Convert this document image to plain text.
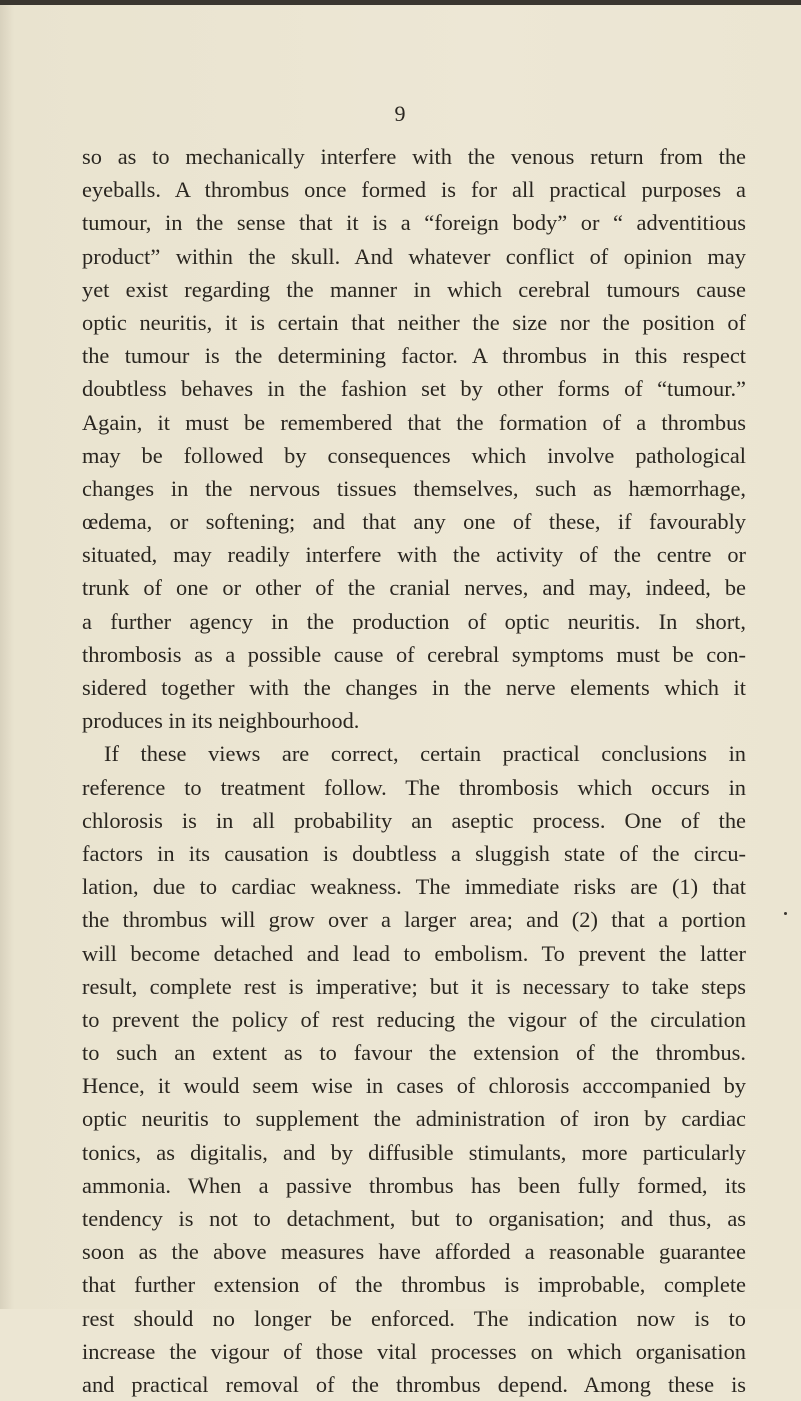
9
so as to mechanically interfere with the venous return from the
eyeballs. A thrombus once formed is for all practical purposes a
tumour, in the sense that it is a “foreign body” or “ adventitious
product” within the skull. And whatever conflict of opinion may
yet exist regarding the manner in which cerebral tumours cause
optic neuritis, it is certain that neither the size nor the position of
the tumour is the determining factor. A thrombus in this respect
doubtless behaves in the fashion set by other forms of “tumour.”
Again, it must be remembered that the formation of a thrombus
may be followed by consequences which involve pathological
changes in the nervous tissues themselves, such as hæmorrhage,
œdema, or softening; and that any one of these, if favourably
situated, may readily interfere with the activity of the centre or
trunk of one or other of the cranial nerves, and may, indeed, be
a further agency in the production of optic neuritis. In short,
thrombosis as a possible cause of cerebral symptoms must be con-
sidered together with the changes in the nerve elements which it
produces in its neighbourhood.
If these views are correct, certain practical conclusions in
reference to treatment follow. The thrombosis which occurs in
chlorosis is in all probability an aseptic process. One of the
factors in its causation is doubtless a sluggish state of the circu-
lation, due to cardiac weakness. The immediate risks are (1) that
the thrombus will grow over a larger area; and (2) that a portion
will become detached and lead to embolism. To prevent the latter
result, complete rest is imperative; but it is necessary to take steps
to prevent the policy of rest reducing the vigour of the circulation
to such an extent as to favour the extension of the thrombus.
Hence, it would seem wise in cases of chlorosis acccompanied by
optic neuritis to supplement the administration of iron by cardiac
tonics, as digitalis, and by diffusible stimulants, more particularly
ammonia. When a passive thrombus has been fully formed, its
tendency is not to detachment, but to organisation; and thus, as
soon as the above measures have afforded a reasonable guarantee
that further extension of the thrombus is improbable, complete
rest should no longer be enforced. The indication now is to
increase the vigour of those vital processes on which organisation
and practical removal of the thrombus depend. Among these is
